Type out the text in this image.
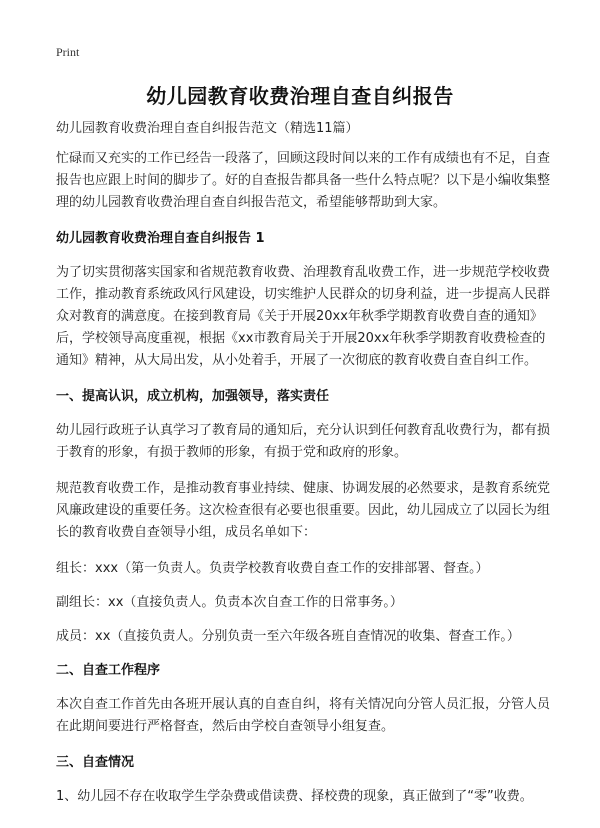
Print
幼儿园教育收费治理自查自纠报告

幼儿园教育收费治理自查自纠报告范文（精选11篇）

忙碌而又充实的工作已经告一段落了，回顾这段时间以来的工作有成绩也有不足，自查报告也应跟上时间的脚步了。好的自查报告都具备一些什么特点呢？以下是小编收集整理的幼儿园教育收费治理自查自纠报告范文，希望能够帮助到大家。

幼儿园教育收费治理自查自纠报告 1

为了切实贯彻落实国家和省规范教育收费、治理教育乱收费工作，进一步规范学校收费工作，推动教育系统政风行风建设，切实维护人民群众的切身利益，进一步提高人民群众对教育的满意度。在接到教育局《关于开展20xx年秋季学期教育收费自查的通知》后，学校领导高度重视，根据《xx市教育局关于开展20xx年秋季学期教育收费检查的通知》精神，从大局出发，从小处着手，开展了一次彻底的教育收费自查自纠工作。

一、提高认识，成立机构，加强领导，落实责任

幼儿园行政班子认真学习了教育局的通知后，充分认识到任何教育乱收费行为，都有损于教育的形象，有损于教师的形象，有损于党和政府的形象。

规范教育收费工作，是推动教育事业持续、健康、协调发展的必然要求，是教育系统党风廉政建设的重要任务。这次检查很有必要也很重要。因此，幼儿园成立了以园长为组长的教育收费自查领导小组，成员名单如下：

组长：xxx（第一负责人。负责学校教育收费自查工作的安排部署、督查。）

副组长：xx（直接负责人。负责本次自查工作的日常事务。）

成员：xx（直接负责人。分别负责一至六年级各班自查情况的收集、督查工作。）

二、自查工作程序

本次自查工作首先由各班开展认真的自查自纠，将有关情况向分管人员汇报，分管人员在此期间要进行严格督查，然后由学校自查领导小组复查。

三、自查情况

1、幼儿园不存在收取学生学杂费或借读费、择校费的现象，真正做到了“零”收费。
